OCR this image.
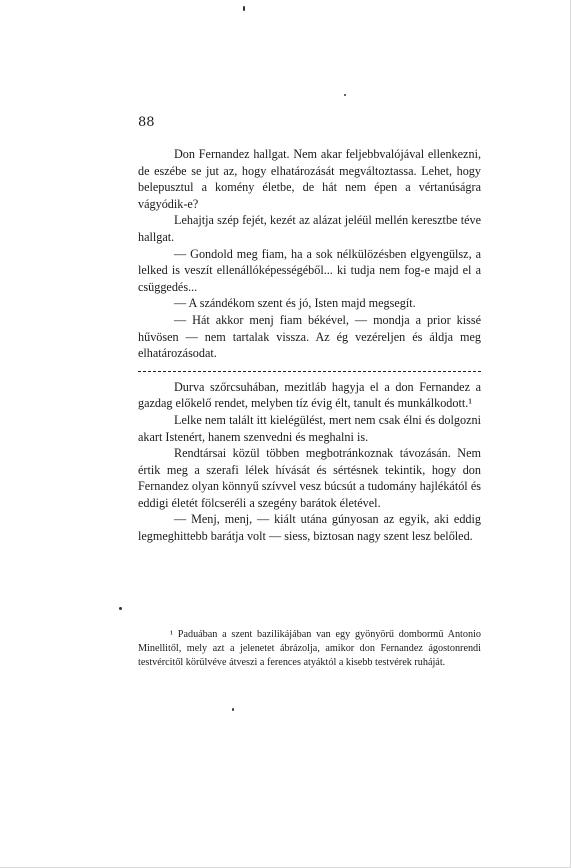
88

Don Fernandez hallgat. Nem akar feljebbvalójával ellenkezni, de eszébe se jut az, hogy elhatározását megváltoztassa. Lehet, hogy belepusztul a komény életbe, de hát nem épen a vértanúságra vágyódik-e?

Lehajtja szép fejét, kezét az alázat jeléül mellén keresztbe téve hallgat.

— Gondold meg fiam, ha a sok nélkülözésben elgyengülsz, a lelked is veszít ellenállóképességéből... ki tudja nem fog-e majd el a csüggedés...

— A szándékom szent és jó, Isten majd megsegít.

— Hát akkor menj fiam békével, — mondja a prior kissé hűvösen — nem tartalak vissza. Az ég vezéreljen és áldja meg elhatározásodat.

Durva szőrcsuhában, mezitláb hagyja el a don Fernandez a gazdag előkelő rendet, melyben tíz évig élt, tanult és munkálkodott.¹

Lelke nem talált itt kielégülést, mert nem csak élni és dolgozni akart Istenért, hanem szenvedni és meghalni is.

Rendtársai közül többen megbotránkoznak távozásán. Nem értik meg a szerafi lélek hívását és sértésnek tekintik, hogy don Fernandez olyan könnyű szívvel vesz búcsút a tudomány hajlékától és eddigi életét fölcseréli a szegény barátok életével.

— Menj, menj, — kiált utána gúnyosan az egyik, aki eddig legmeghittebb barátja volt — siess, biztosan nagy szent lesz belőled.

¹ Paduában a szent bazilikájában van egy gyönyörű dombormű Antonio Minellitől, mely azt a jelenetet ábrázolja, amikor don Fernandez ágostonrendi testvércitől körülvéve átveszi a ferences atyáktól a kisebb testvérek ruháját.
